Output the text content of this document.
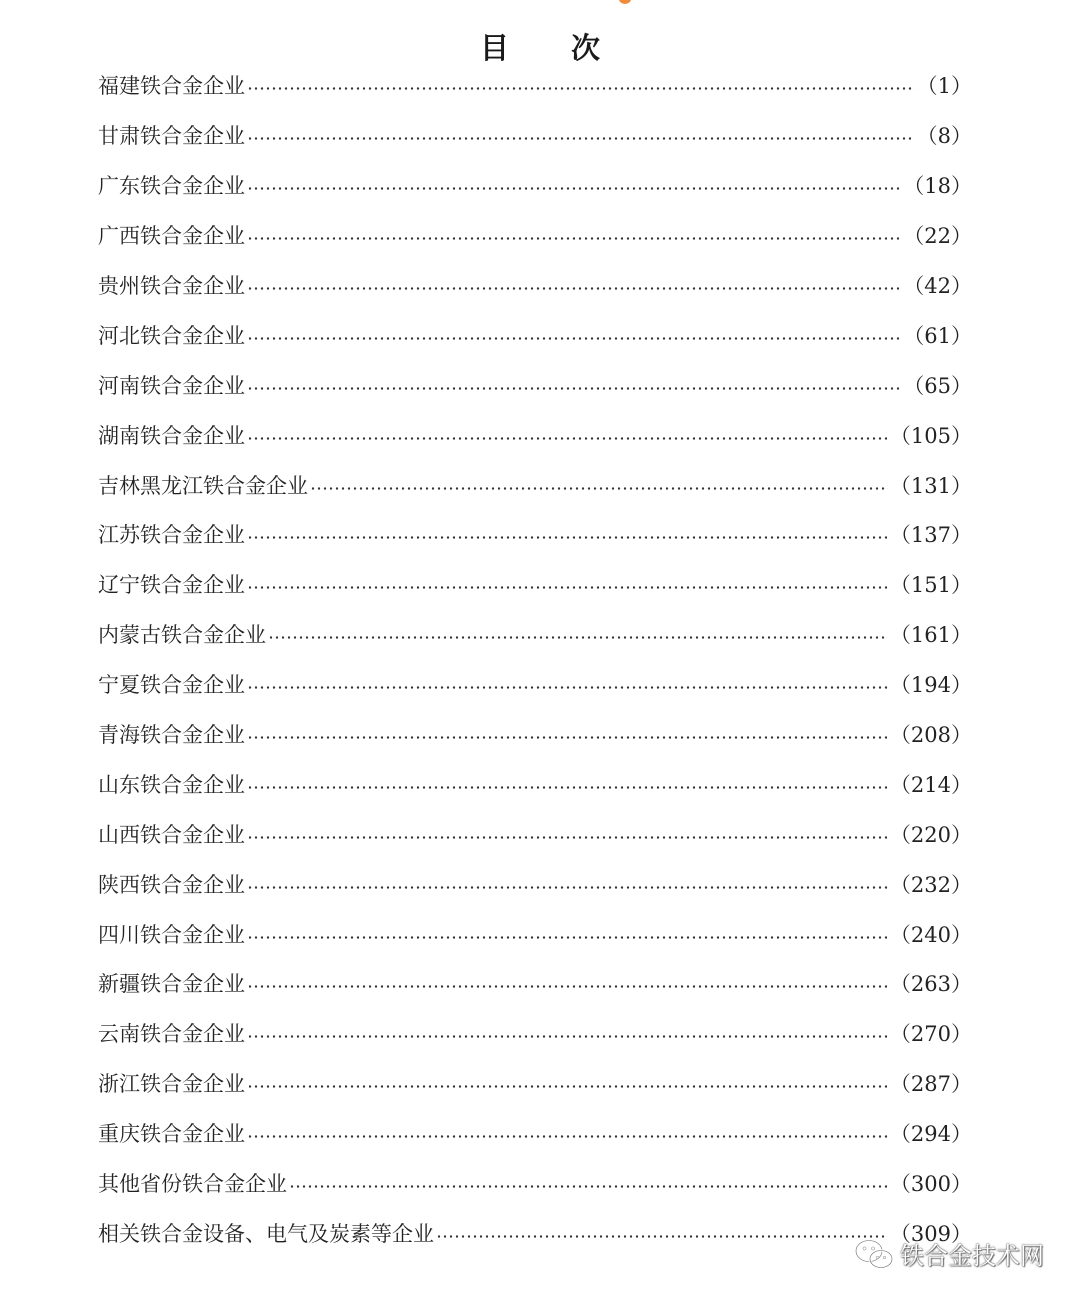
目 次
福建铁合金企业	（1）
甘肃铁合金企业	（8）
广东铁合金企业	（18）
广西铁合金企业	（22）
贵州铁合金企业	（42）
河北铁合金企业	（61）
河南铁合金企业	（65）
湖南铁合金企业	（105）
吉林黑龙江铁合金企业	（131）
江苏铁合金企业	（137）
辽宁铁合金企业	（151）
内蒙古铁合金企业	（161）
宁夏铁合金企业	（194）
青海铁合金企业	（208）
山东铁合金企业	（214）
山西铁合金企业	（220）
陕西铁合金企业	（232）
四川铁合金企业	（240）
新疆铁合金企业	（263）
云南铁合金企业	（270）
浙江铁合金企业	（287）
重庆铁合金企业	（294）
其他省份铁合金企业	（300）
相关铁合金设备、电气及炭素等企业	（309）
铁合金技术网
